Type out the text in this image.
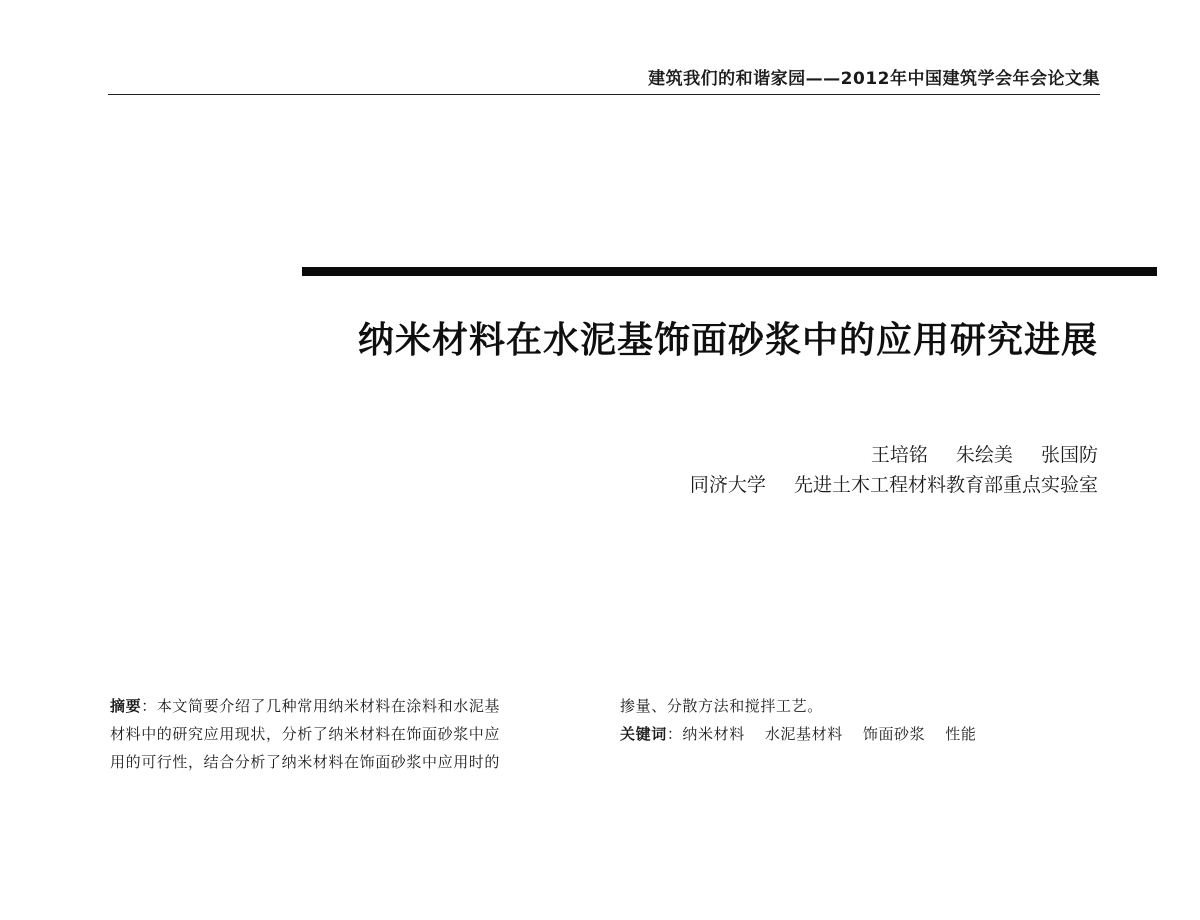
建筑我们的和谐家园——2012年中国建筑学会年会论文集
纳米材料在水泥基饰面砂浆中的应用研究进展
王培铭 朱绘美 张国防
同济大学 先进土木工程材料教育部重点实验室
摘要：本文简要介绍了几种常用纳米材料在涂料和水泥基
材料中的研究应用现状，分析了纳米材料在饰面砂浆中应
用的可行性，结合分析了纳米材料在饰面砂浆中应用时的
掺量、分散方法和搅拌工艺。
关键词：纳米材料 水泥基材料 饰面砂浆 性能
